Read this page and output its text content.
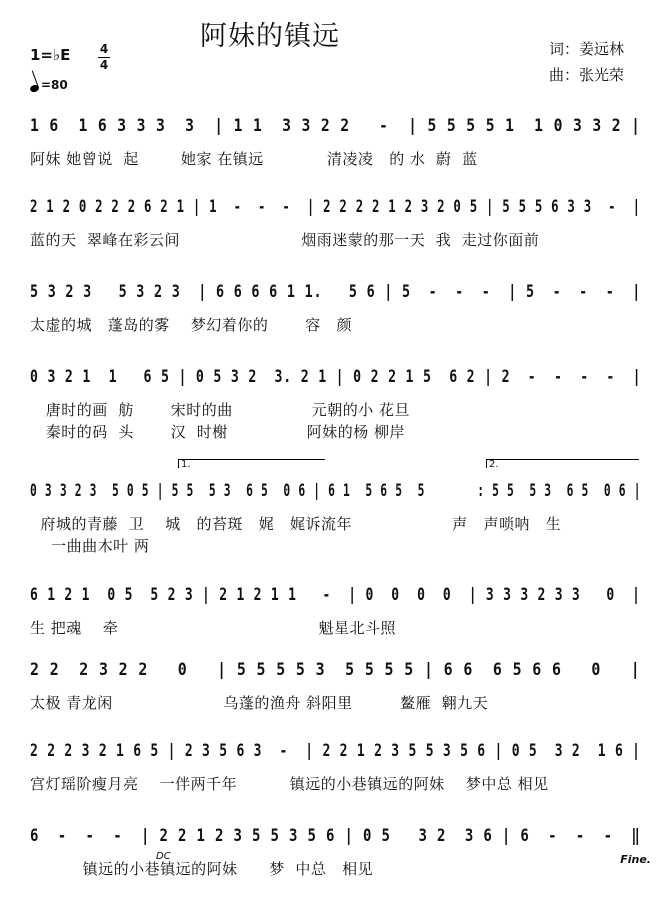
阿妹的镇远	词：姜远林
曲：张光荣
1=♭E 4
4
=80
1 6  1 6 3 3 3  3  | 1 1  3 3 2 2   -  | 5 5 5 5 1  1 0 3 3 2 |
阿妹 她曾说  起        她家 在镇远            清凌凌   的 水  蔚  蓝
2 1 2 0 2 2 2 6 2 1 | 1  -  -  -  | 2 2 2 2 1 2 3 2 0 5 | 5 5 5 6 3 3  -  |
蓝的天  翠峰在彩云间                       烟雨迷蒙的那一天  我  走过你面前
5 3 2 3   5 3 2 3  | 6 6 6 6 1 1.   5 6 | 5  -  -  -  | 5  -  -  -  |
太虚的城   蓬岛的雾    梦幻着你的       容   颜
0 3 2 1  1   6 5 | 0 5 3 2  3. 2 1 | 0 2 2 1 5  6 2 | 2  -  -  -  -  |
唐时的画  舫       宋时的曲               元朝的小 花旦
秦时的码  头       汉  时榭               阿妹的杨 柳岸
1.	2.
0 3 3 2 3  5 0 5 | 5 5  5 3  6 5  0 6 | 6 1  5 6 5  5       : 5 5  5 3  6 5  0 6 |
府城的青藤  卫    城   的苔斑   娓   娓诉流年                   声   声唢呐   生
一曲曲木叶 两
6 1 2 1  0 5  5 2 3 | 2 1 2 1 1   -  | 0  0  0  0  | 3 3 3 2 3 3   0  |
生 把魂    牵                                      魁星北斗照
2 2  2 3 2 2   0   | 5 5 5 5 3  5 5 5 5 | 6 6  6 5 6 6   0   |
太极 青龙闲                     乌蓬的渔舟 斜阳里         鳌雁  翱九天
2 2 2 3 2 1 6 5 | 2 3 5 6 3  -  | 2 2 1 2 3 5 5 3 5 6 | 0 5  3 2  1 6 |
宫灯瑶阶瘦月亮    一伴两千年          镇远的小巷镇远的阿妹    梦中总 相见
6  -  -  -  | 2 2 1 2 3 5 5 3 5 6 | 0 5   3 2  3 6 | 6  -  -  -  ‖
镇远的小巷镇远的阿妹      梦  中总   相见
DC	Fine.
